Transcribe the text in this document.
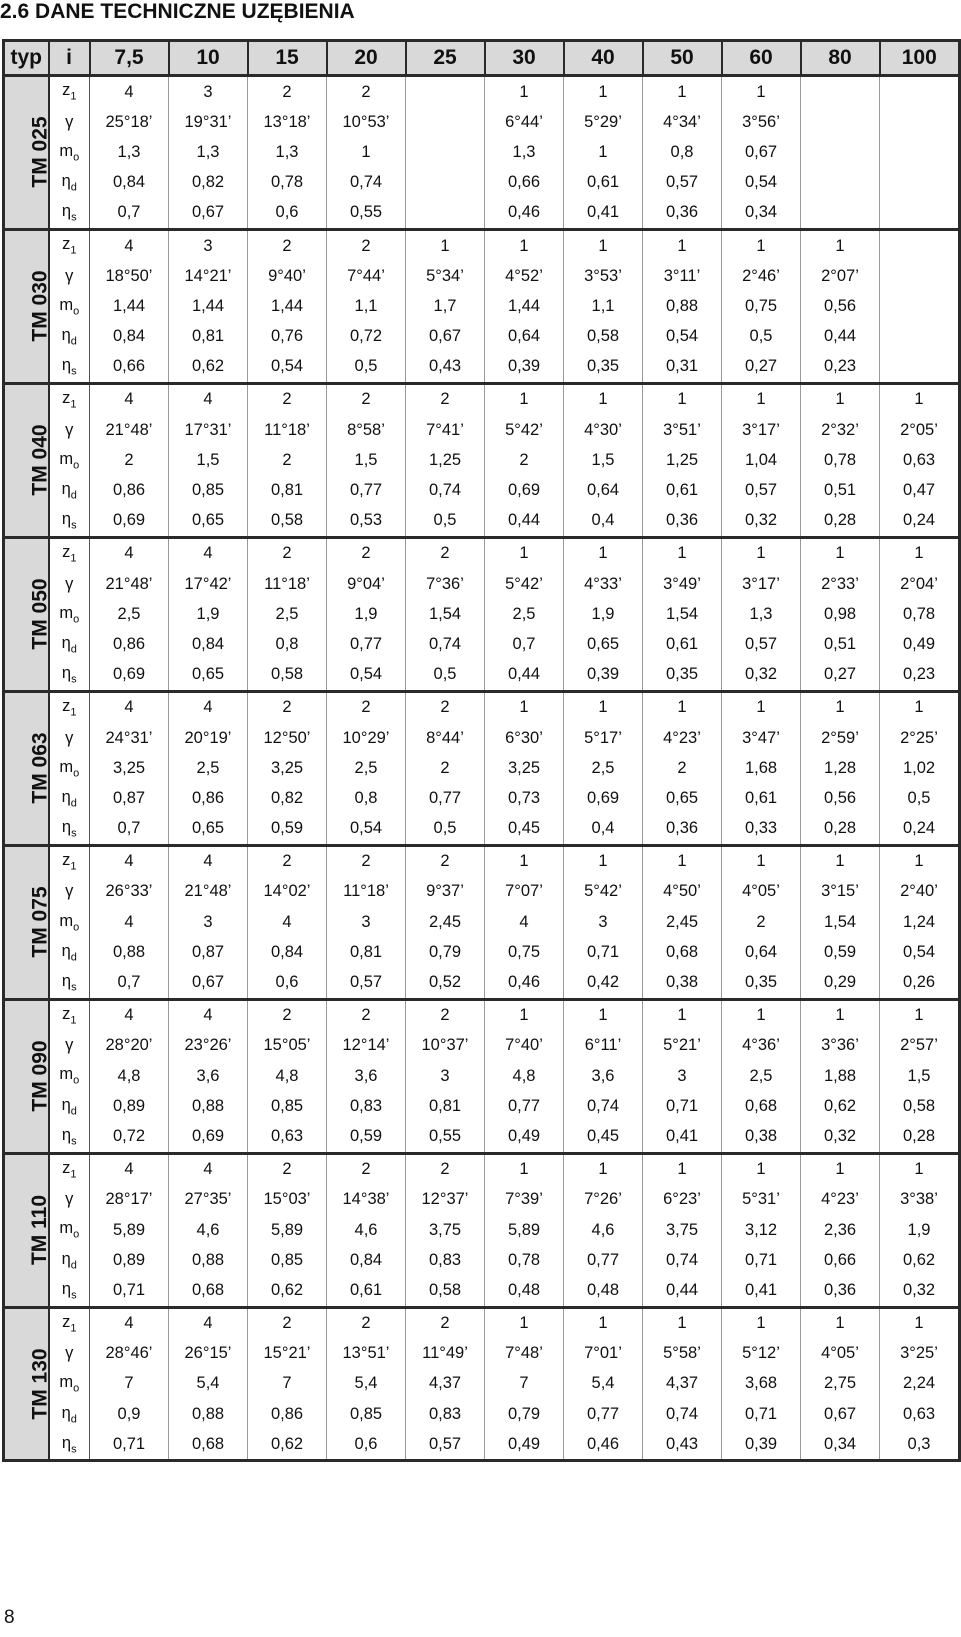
2.6 DANE TECHNICZNE UZĘBIENIA
typ	i	7,5	10	15	20	25	30	40	50	60	80	100
TM 025	$z_1$	4	3	2	2		1	1	1	1		
	γ	25°18’	19°31’	13°18’	10°53’		6°44’	5°29’	4°34’	3°56’		
	$m_o$	1,3	1,3	1,3	1		1,3	1	0,8	0,67		
	$\eta_d$	0,84	0,82	0,78	0,74		0,66	0,61	0,57	0,54		
	$\eta_s$	0,7	0,67	0,6	0,55		0,46	0,41	0,36	0,34		
TM 030	$z_1$	4	3	2	2	1	1	1	1	1	1	
	γ	18°50’	14°21’	9°40’	7°44’	5°34’	4°52’	3°53’	3°11’	2°46’	2°07’	
	$m_o$	1,44	1,44	1,44	1,1	1,7	1,44	1,1	0,88	0,75	0,56	
	$\eta_d$	0,84	0,81	0,76	0,72	0,67	0,64	0,58	0,54	0,5	0,44	
	$\eta_s$	0,66	0,62	0,54	0,5	0,43	0,39	0,35	0,31	0,27	0,23	
TM 040	$z_1$	4	4	2	2	2	1	1	1	1	1	1
	γ	21°48’	17°31’	11°18’	8°58’	7°41’	5°42’	4°30’	3°51’	3°17’	2°32’	2°05’
	$m_o$	2	1,5	2	1,5	1,25	2	1,5	1,25	1,04	0,78	0,63
	$\eta_d$	0,86	0,85	0,81	0,77	0,74	0,69	0,64	0,61	0,57	0,51	0,47
	$\eta_s$	0,69	0,65	0,58	0,53	0,5	0,44	0,4	0,36	0,32	0,28	0,24
TM 050	$z_1$	4	4	2	2	2	1	1	1	1	1	1
	γ	21°48’	17°42’	11°18’	9°04’	7°36’	5°42’	4°33’	3°49’	3°17’	2°33’	2°04’
	$m_o$	2,5	1,9	2,5	1,9	1,54	2,5	1,9	1,54	1,3	0,98	0,78
	$\eta_d$	0,86	0,84	0,8	0,77	0,74	0,7	0,65	0,61	0,57	0,51	0,49
	$\eta_s$	0,69	0,65	0,58	0,54	0,5	0,44	0,39	0,35	0,32	0,27	0,23
TM 063	$z_1$	4	4	2	2	2	1	1	1	1	1	1
	γ	24°31’	20°19’	12°50’	10°29’	8°44’	6°30’	5°17’	4°23’	3°47’	2°59’	2°25’
	$m_o$	3,25	2,5	3,25	2,5	2	3,25	2,5	2	1,68	1,28	1,02
	$\eta_d$	0,87	0,86	0,82	0,8	0,77	0,73	0,69	0,65	0,61	0,56	0,5
	$\eta_s$	0,7	0,65	0,59	0,54	0,5	0,45	0,4	0,36	0,33	0,28	0,24
TM 075	$z_1$	4	4	2	2	2	1	1	1	1	1	1
	γ	26°33’	21°48’	14°02’	11°18’	9°37’	7°07’	5°42’	4°50’	4°05’	3°15’	2°40’
	$m_o$	4	3	4	3	2,45	4	3	2,45	2	1,54	1,24
	$\eta_d$	0,88	0,87	0,84	0,81	0,79	0,75	0,71	0,68	0,64	0,59	0,54
	$\eta_s$	0,7	0,67	0,6	0,57	0,52	0,46	0,42	0,38	0,35	0,29	0,26
TM 090	$z_1$	4	4	2	2	2	1	1	1	1	1	1
	γ	28°20’	23°26’	15°05’	12°14’	10°37’	7°40’	6°11’	5°21’	4°36’	3°36’	2°57’
	$m_o$	4,8	3,6	4,8	3,6	3	4,8	3,6	3	2,5	1,88	1,5
	$\eta_d$	0,89	0,88	0,85	0,83	0,81	0,77	0,74	0,71	0,68	0,62	0,58
	$\eta_s$	0,72	0,69	0,63	0,59	0,55	0,49	0,45	0,41	0,38	0,32	0,28
TM 110	$z_1$	4	4	2	2	2	1	1	1	1	1	1
	γ	28°17’	27°35’	15°03’	14°38’	12°37’	7°39’	7°26’	6°23’	5°31’	4°23’	3°38’
	$m_o$	5,89	4,6	5,89	4,6	3,75	5,89	4,6	3,75	3,12	2,36	1,9
	$\eta_d$	0,89	0,88	0,85	0,84	0,83	0,78	0,77	0,74	0,71	0,66	0,62
	$\eta_s$	0,71	0,68	0,62	0,61	0,58	0,48	0,48	0,44	0,41	0,36	0,32
TM 130	$z_1$	4	4	2	2	2	1	1	1	1	1	1
	γ	28°46’	26°15’	15°21’	13°51’	11°49’	7°48’	7°01’	5°58’	5°12’	4°05’	3°25’
	$m_o$	7	5,4	7	5,4	4,37	7	5,4	4,37	3,68	2,75	2,24
	$\eta_d$	0,9	0,88	0,86	0,85	0,83	0,79	0,77	0,74	0,71	0,67	0,63
	$\eta_s$	0,71	0,68	0,62	0,6	0,57	0,49	0,46	0,43	0,39	0,34	0,3
8
